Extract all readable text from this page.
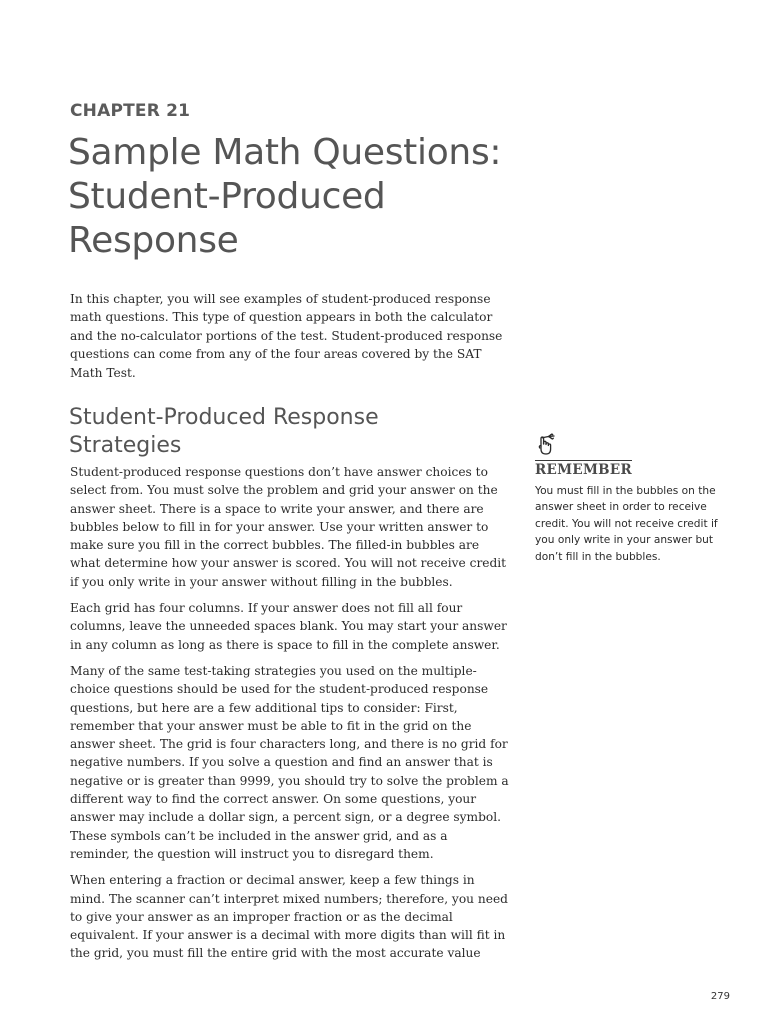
CHAPTER 21
Sample Math Questions: Student-Produced Response

In this chapter, you will see examples of student-produced response math questions. This type of question appears in both the calculator and the no-calculator portions of the test. Student-produced response questions can come from any of the four areas covered by the SAT Math Test.

Student-Produced Response Strategies

Student-produced response questions don’t have answer choices to select from. You must solve the problem and grid your answer on the answer sheet. There is a space to write your answer, and there are bubbles below to fill in for your answer. Use your written answer to make sure you fill in the correct bubbles. The filled-in bubbles are what determine how your answer is scored. You will not receive credit if you only write in your answer without filling in the bubbles.

Each grid has four columns. If your answer does not fill all four columns, leave the unneeded spaces blank. You may start your answer in any column as long as there is space to fill in the complete answer.

Many of the same test-taking strategies you used on the multiple-choice questions should be used for the student-produced response questions, but here are a few additional tips to consider: First, remember that your answer must be able to fit in the grid on the answer sheet. The grid is four characters long, and there is no grid for negative numbers. If you solve a question and find an answer that is negative or is greater than 9999, you should try to solve the problem a different way to find the correct answer. On some questions, your answer may include a dollar sign, a percent sign, or a degree symbol. These symbols can’t be included in the answer grid, and as a reminder, the question will instruct you to disregard them.

When entering a fraction or decimal answer, keep a few things in mind. The scanner can’t interpret mixed numbers; therefore, you need to give your answer as an improper fraction or as the decimal equivalent. If your answer is a decimal with more digits than will fit in the grid, you must fill the entire grid with the most accurate value

REMEMBER

You must fill in the bubbles on the answer sheet in order to receive credit. You will not receive credit if you only write in your answer but don’t fill in the bubbles.

279
